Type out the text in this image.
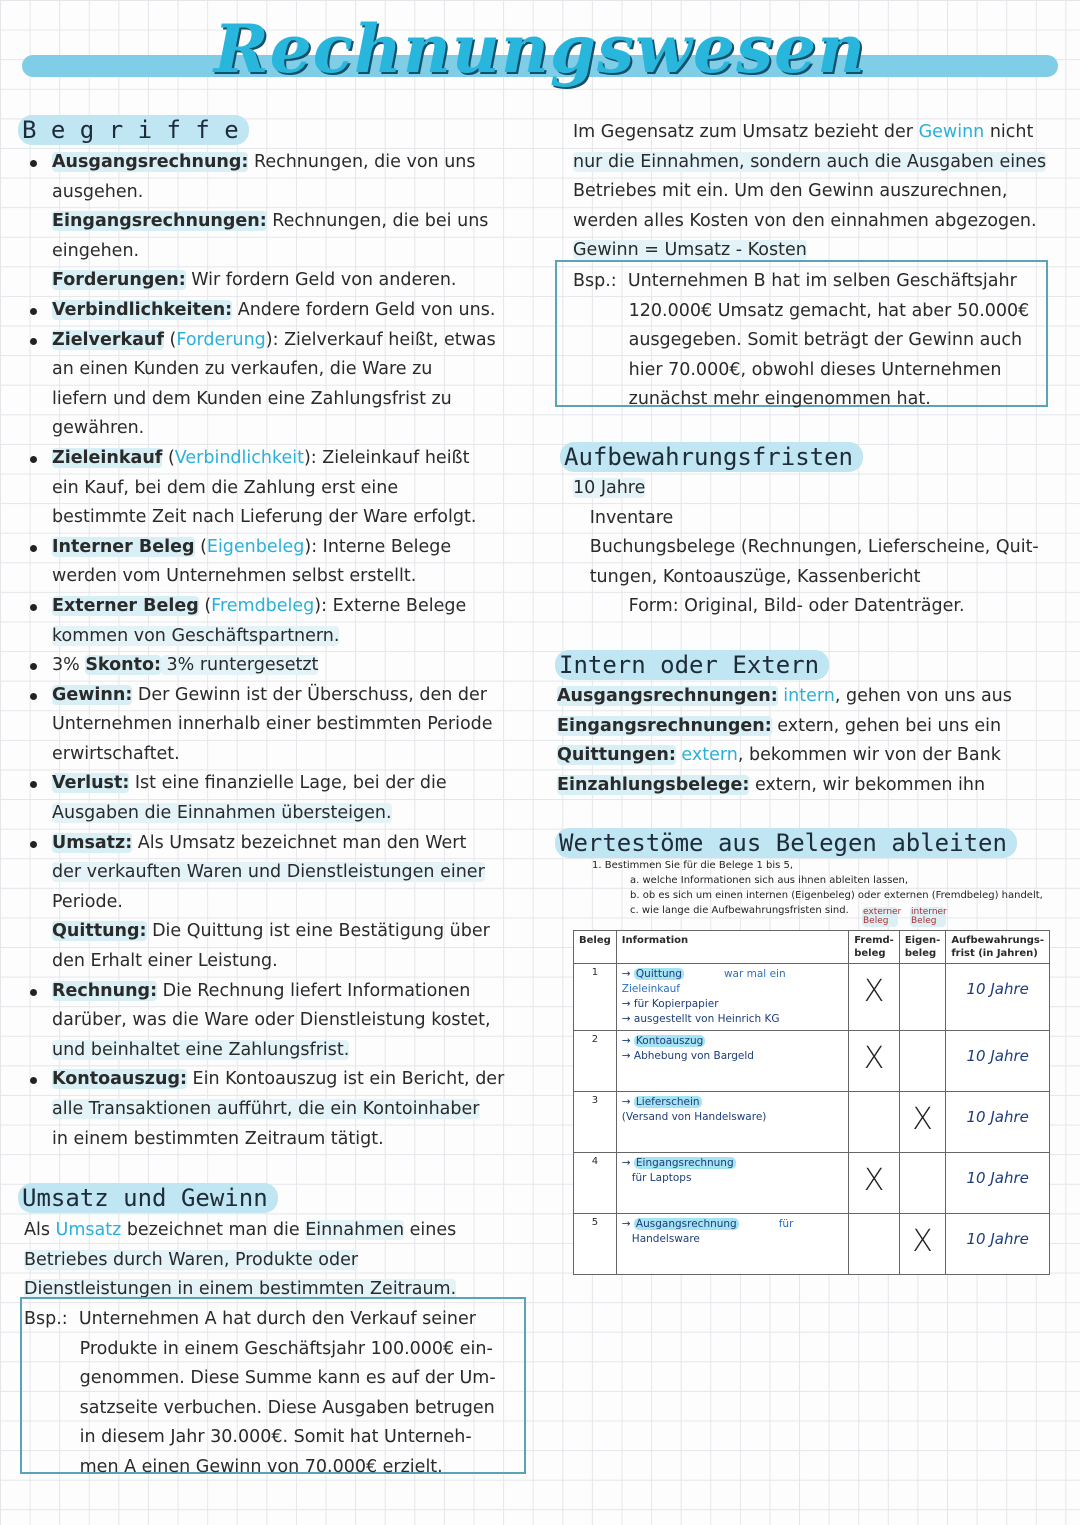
Rechnungswesen
B e g r i f f e
Ausgangsrechnung: Rechnungen, die von uns
ausgehen.
Eingangsrechnungen: Rechnungen, die bei uns
eingehen.
Forderungen: Wir fordern Geld von anderen.
Verbindlichkeiten: Andere fordern Geld von uns.
Zielverkauf (Forderung): Zielverkauf heißt, etwas
an einen Kunden zu verkaufen, die Ware zu
liefern und dem Kunden eine Zahlungsfrist zu
gewähren.
Zieleinkauf (Verbindlichkeit): Zieleinkauf heißt
ein Kauf, bei dem die Zahlung erst eine
bestimmte Zeit nach Lieferung der Ware erfolgt.
Interner Beleg (Eigenbeleg): Interne Belege
werden vom Unternehmen selbst erstellt.
Externer Beleg (Fremdbeleg): Externe Belege
kommen von Geschäftspartnern.
3% Skonto: 3% runtergesetzt
Gewinn: Der Gewinn ist der Überschuss, den der
Unternehmen innerhalb einer bestimmten Periode
erwirtschaftet.
Verlust: Ist eine finanzielle Lage, bei der die
Ausgaben die Einnahmen übersteigen.
Umsatz: Als Umsatz bezeichnet man den Wert
der verkauften Waren und Dienstleistungen einer
Periode.
Quittung: Die Quittung ist eine Bestätigung über
den Erhalt einer Leistung.
Rechnung: Die Rechnung liefert Informationen
darüber, was die Ware oder Dienstleistung kostet,
und beinhaltet eine Zahlungsfrist.
Kontoauszug: Ein Kontoauszug ist ein Bericht, der
alle Transaktionen aufführt, die ein Kontoinhaber
in einem bestimmten Zeitraum tätigt.
Umsatz und Gewinn
Als Umsatz bezeichnet man die Einnahmen eines
Betriebes durch Waren, Produkte oder
Dienstleistungen in einem bestimmten Zeitraum.
Bsp.:  Unternehmen A hat durch den Verkauf seiner
Produkte in einem Geschäftsjahr 100.000€ ein-
genommen. Diese Summe kann es auf der Um-
satzseite verbuchen. Diese Ausgaben betrugen
in diesem Jahr 30.000€. Somit hat Unterneh-
men A einen Gewinn von 70.000€ erzielt.
Im Gegensatz zum Umsatz bezieht der Gewinn nicht
nur die Einnahmen, sondern auch die Ausgaben eines
Betriebes mit ein. Um den Gewinn auszurechnen,
werden alles Kosten von den einnahmen abgezogen.
Gewinn = Umsatz - Kosten
Bsp.:  Unternehmen B hat im selben Geschäftsjahr
120.000€ Umsatz gemacht, hat aber 50.000€
ausgegeben. Somit beträgt der Gewinn auch
hier 70.000€, obwohl dieses Unternehmen
zunächst mehr eingenommen hat.
Aufbewahrungsfristen
10 Jahre
Inventare
Buchungsbelege (Rechnungen, Lieferscheine, Quit-
tungen, Kontoauszüge, Kassenbericht
Form: Original, Bild- oder Datenträger.
Intern oder Extern
Ausgangsrechnungen: intern, gehen von uns aus
Eingangsrechnungen: extern, gehen bei uns ein
Quittungen: extern, bekommen wir von der Bank
Einzahlungsbelege: extern, wir bekommen ihn
Wertestöme aus Belegen ableiten
1. Bestimmen Sie für die Belege 1 bis 5,
a. welche Informationen sich aus ihnen ableiten lassen,
b. ob es sich um einen internen (Eigenbeleg) oder externen (Fremdbeleg) handelt,
c. wie lange die Aufbewahrungsfristen sind.	externer Beleg
interner Beleg
Beleg	Information	Fremd-beleg	Eigen-beleg	Aufbewahrungs-frist (in Jahren)
1	→ Quittung war mal ein Zieleinkauf
→ für Kopierpapier
→ ausgestellt von Heinrich KG	X		10 Jahre
2	→ Kontoauszug
→ Abhebung von Bargeld	X		10 Jahre
3	→ Lieferschein
(Versand von Handelsware)		X	10 Jahre
4	→ Eingangsrechnung
für Laptops	X		10 Jahre
5	→ Ausgangsrechnung für
Handelsware		X	10 Jahre
